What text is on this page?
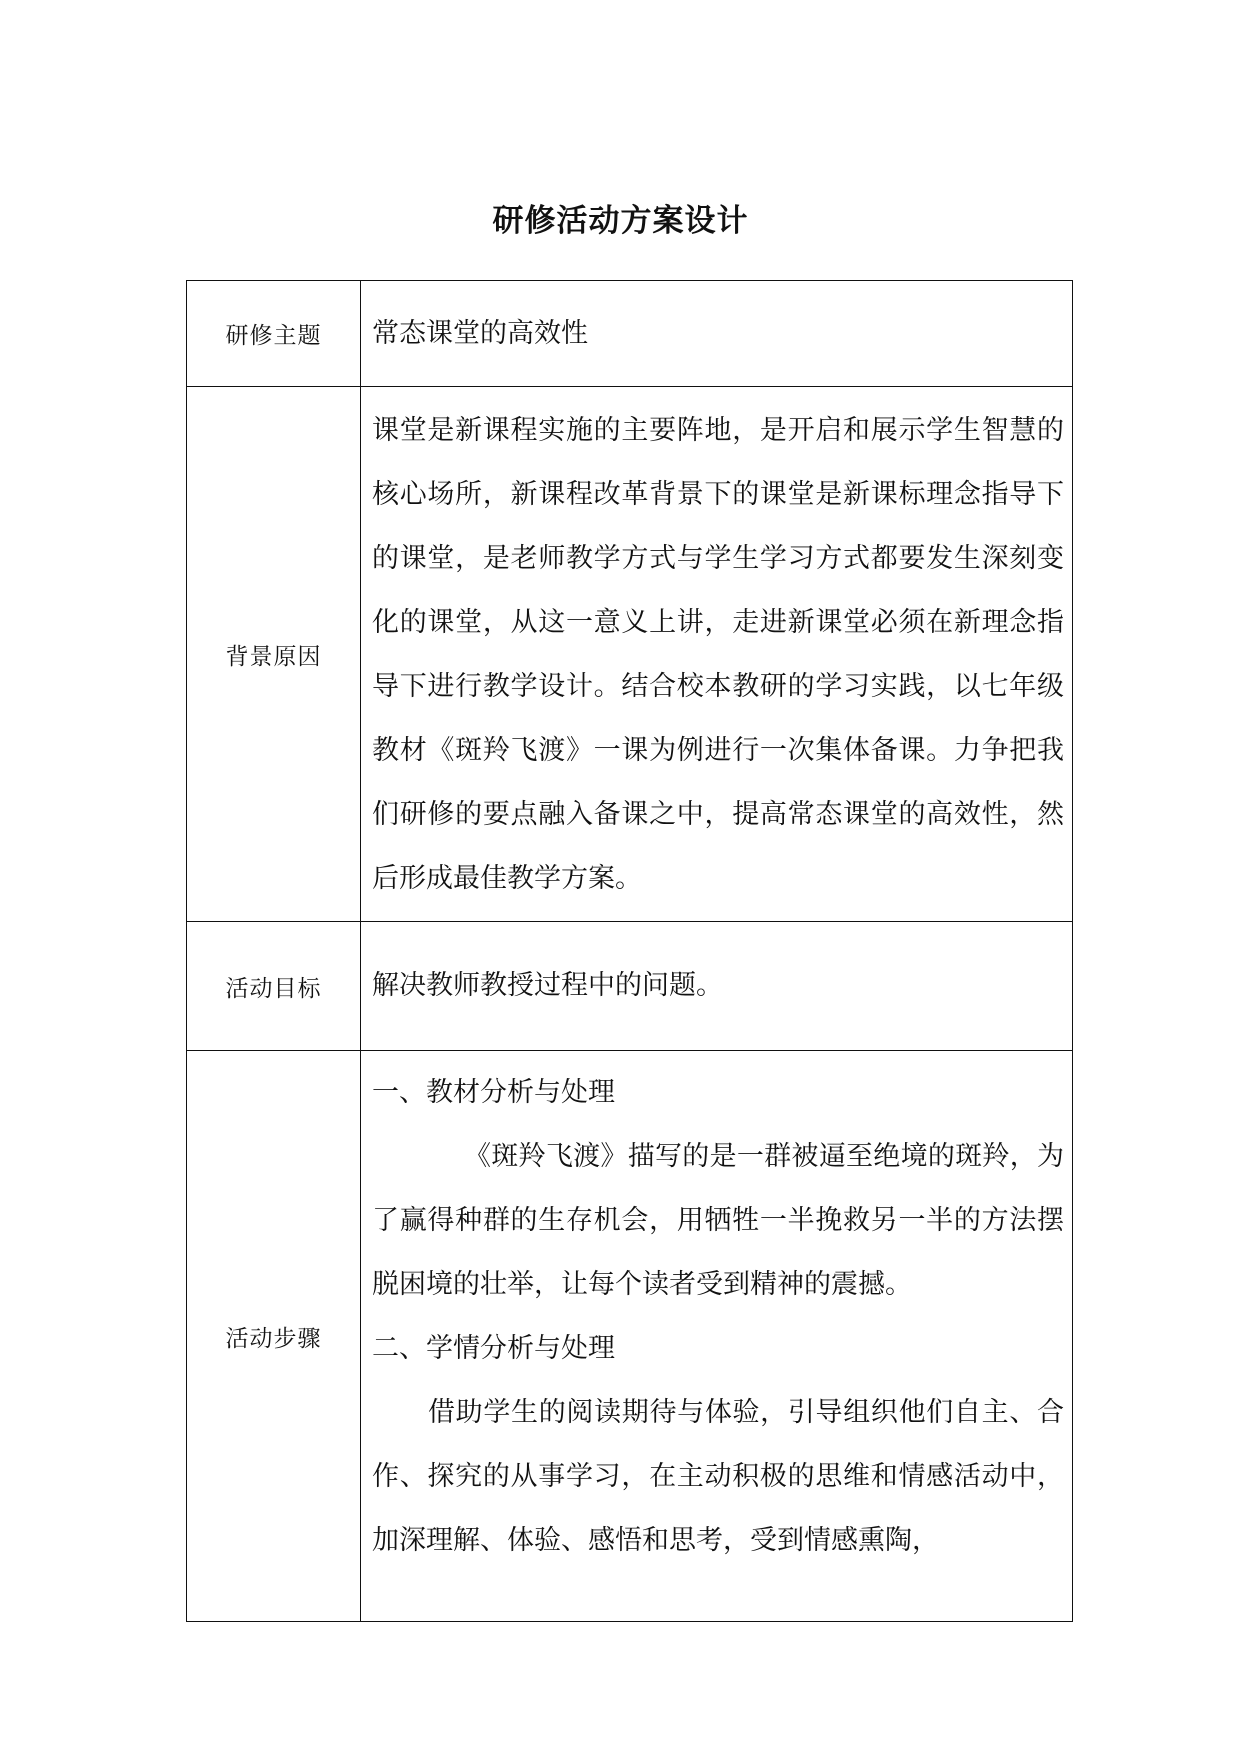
研修活动方案设计
研修主题	常态课堂的高效性
背景原因	课堂是新课程实施的主要阵地，是开启和展示学生智慧的核心场所，新课程改革背景下的课堂是新课标理念指导下的课堂，是老师教学方式与学生学习方式都要发生深刻变化的课堂，从这一意义上讲，走进新课堂必须在新理念指导下进行教学设计。结合校本教研的学习实践，以七年级教材《斑羚飞渡》一课为例进行一次集体备课。力争把我们研修的要点融入备课之中，提高常态课堂的高效性，然后形成最佳教学方案。
活动目标	解决教师教授过程中的问题。
活动步骤	一、教材分析与处理

《斑羚飞渡》描写的是一群被逼至绝境的斑羚，为了赢得种群的生存机会，用牺牲一半挽救另一半的方法摆脱困境的壮举，让每个读者受到精神的震撼。

二、学情分析与处理

借助学生的阅读期待与体验，引导组织他们自主、合作、探究的从事学习，在主动积极的思维和情感活动中，加深理解、体验、感悟和思考，受到情感熏陶，
